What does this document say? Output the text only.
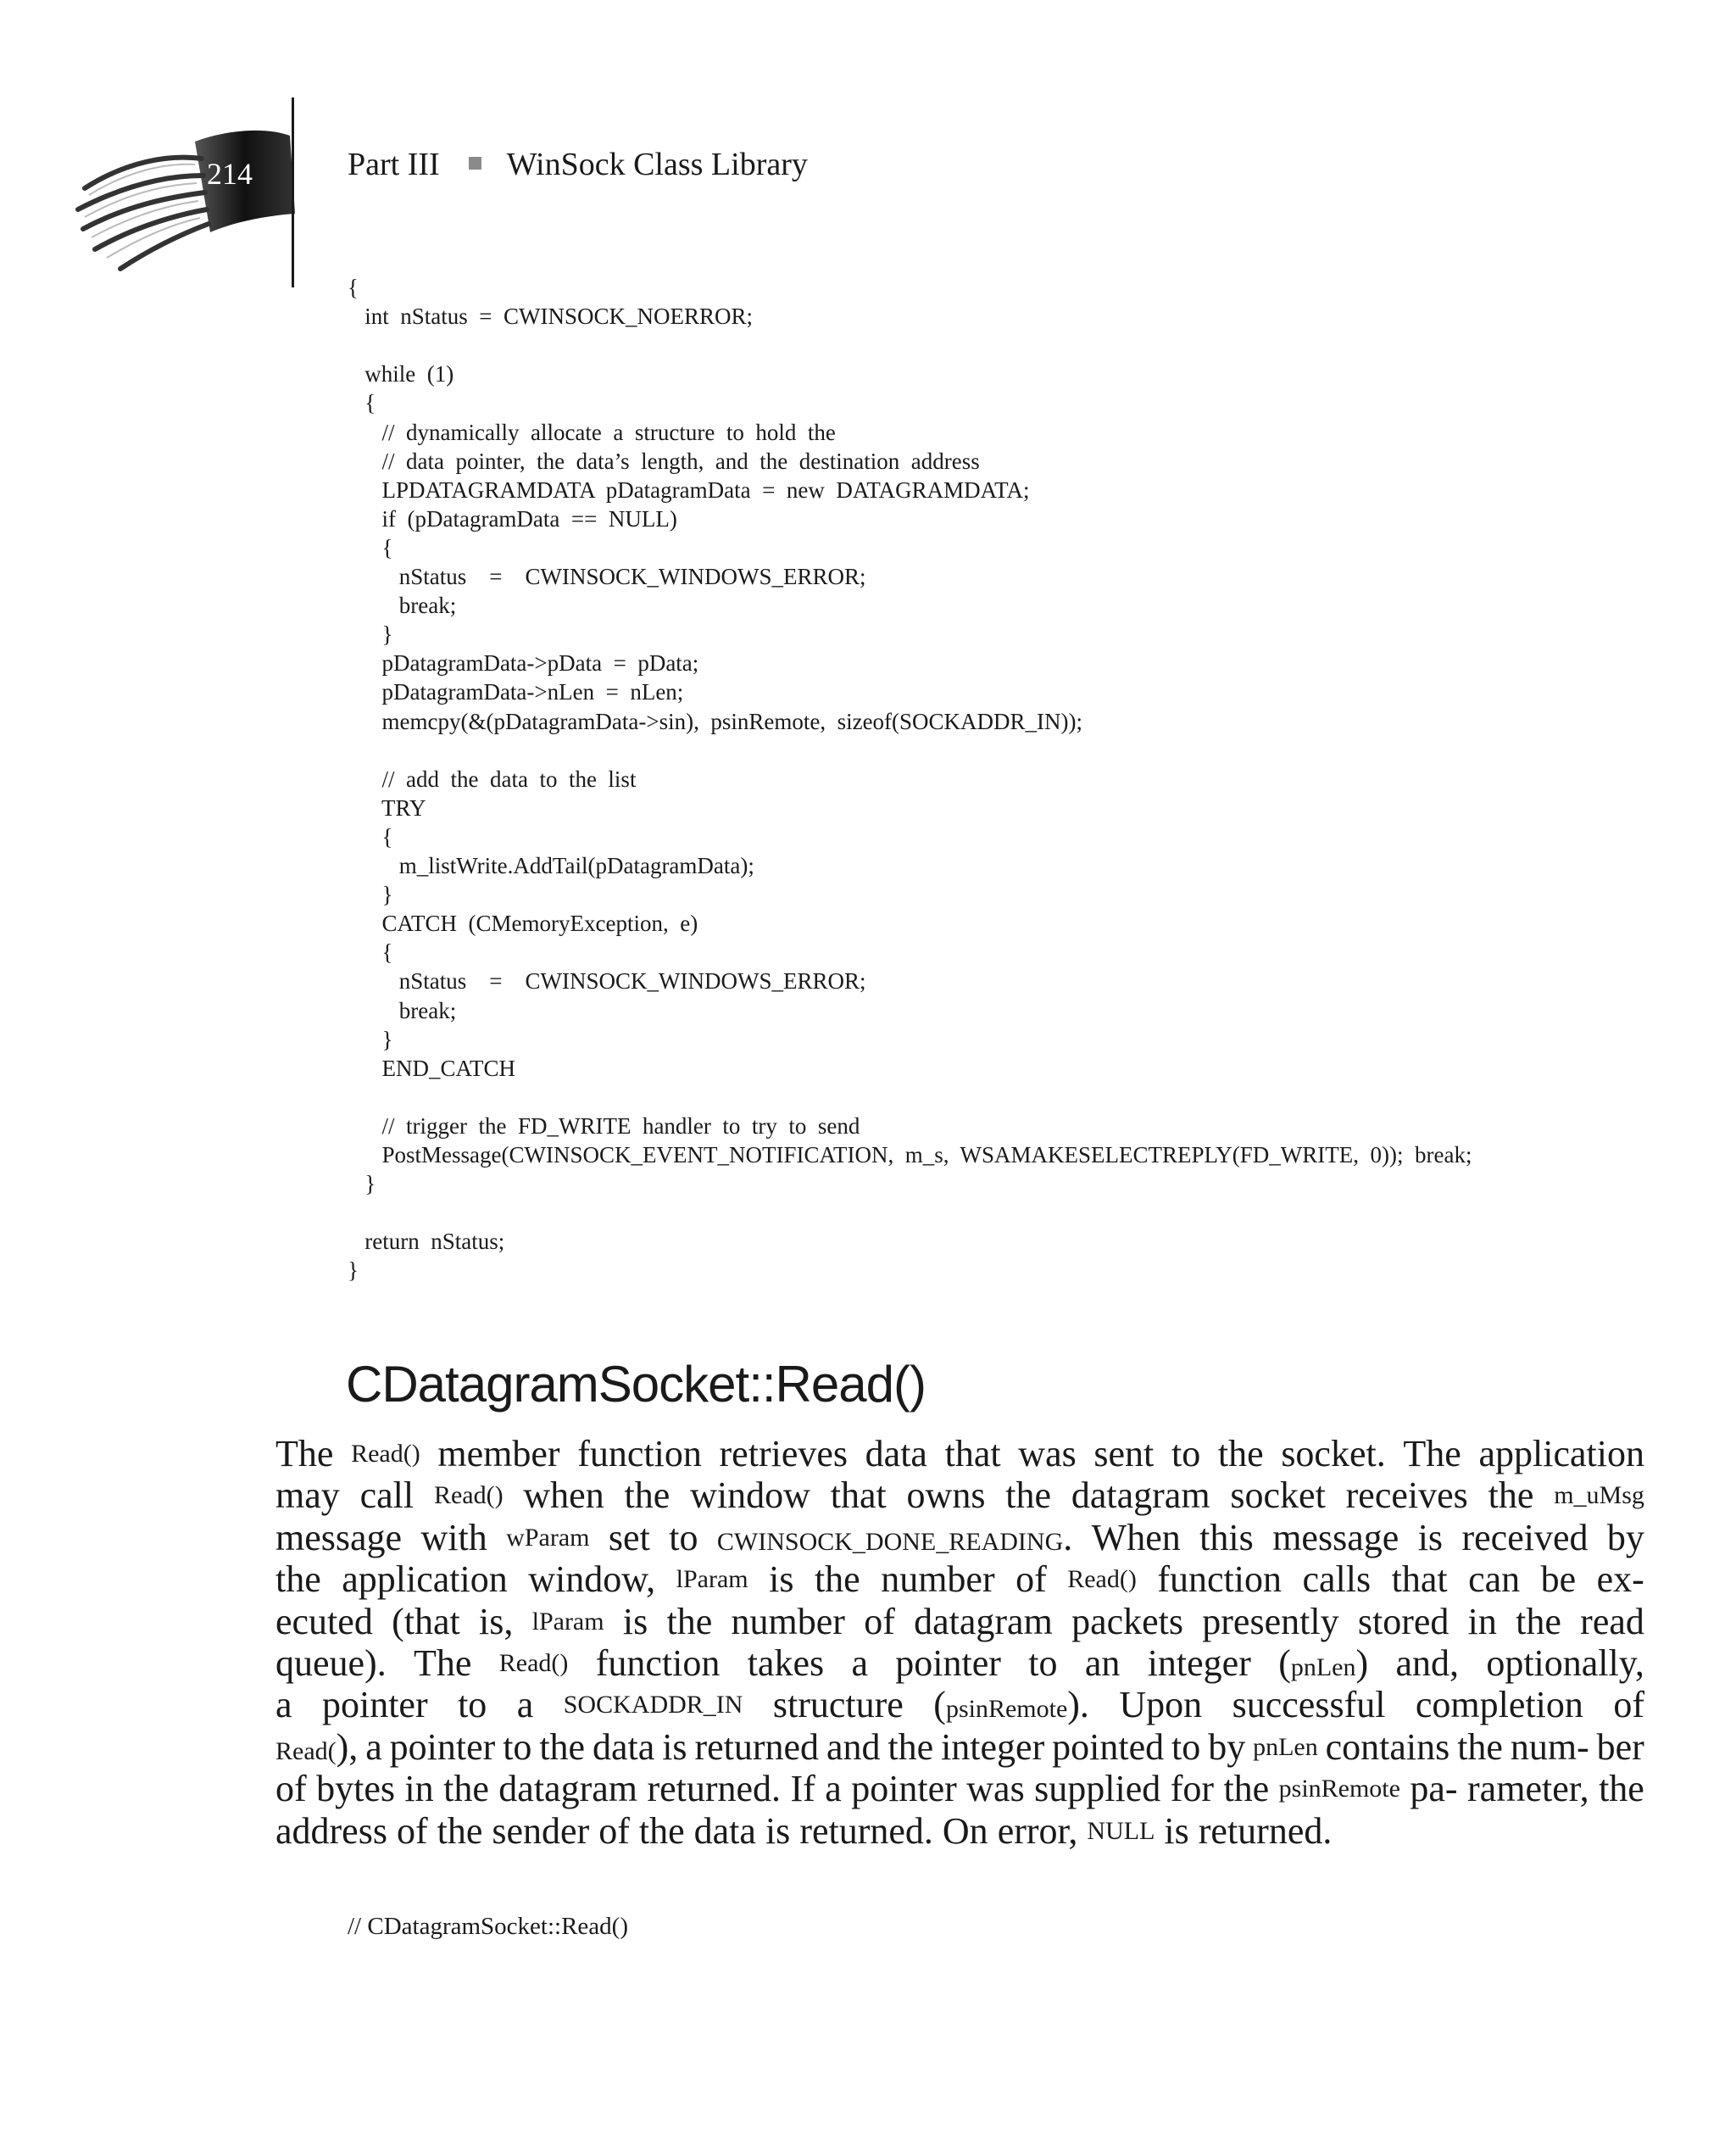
214	Part III WinSock Class Library
{
int  nStatus  =  CWINSOCK_NOERROR;
while  (1)
{
//  dynamically  allocate  a  structure  to  hold  the
//  data  pointer,  the  data’s  length,  and  the  destination  address
LPDATAGRAMDATA  pDatagramData  =  new  DATAGRAMDATA;
if  (pDatagramData  ==  NULL)
{
nStatus    =    CWINSOCK_WINDOWS_ERROR;
break;
}
pDatagramData->pData  =  pData;
pDatagramData->nLen  =  nLen;
memcpy(&(pDatagramData->sin),  psinRemote,  sizeof(SOCKADDR_IN));
//  add  the  data  to  the  list
TRY
{
m_listWrite.AddTail(pDatagramData);
}
CATCH  (CMemoryException,  e)
{
nStatus    =    CWINSOCK_WINDOWS_ERROR;
break;
}
END_CATCH
//  trigger  the  FD_WRITE  handler  to  try  to  send
PostMessage(CWINSOCK_EVENT_NOTIFICATION,  m_s,  WSAMAKESELECTREPLY(FD_WRITE,  0));  break;
}
return  nStatus;
}
CDatagramSocket::Read()
The Read() member function retrieves data that was sent to the socket. The application
may call Read() when the window that owns the datagram socket receives the m_uMsg
message with wParam set to CWINSOCK_DONE_READING. When this message is received by
the application window, lParam is the number of Read() function calls that can be ex-
ecuted (that is, lParam is the number of datagram packets presently stored in the read
queue). The Read() function takes a pointer to an integer (pnLen) and, optionally,
a pointer to a SOCKADDR_IN structure (psinRemote). Upon successful completion of
Read(), a pointer to the data is returned and the integer pointed to by pnLen contains the num- ber
of bytes in the datagram returned. If a pointer was supplied for the psinRemote pa- rameter, the
address of the sender of the data is returned. On error, NULL is returned.
// CDatagramSocket::Read()
